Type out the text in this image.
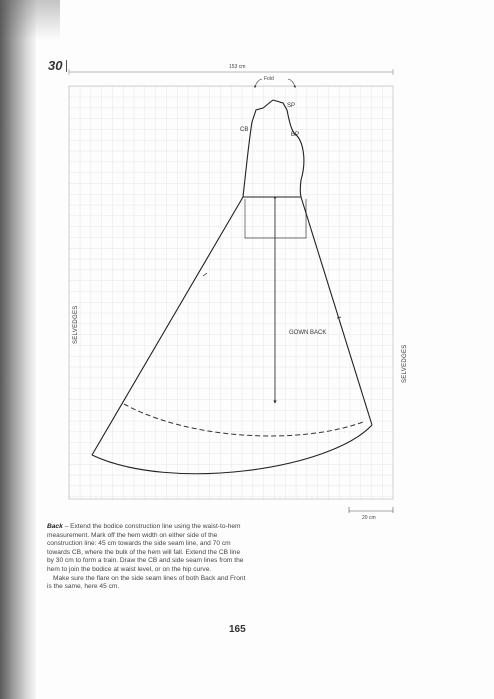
30	153 cm
Fold
SP
CB
BP
GOWN BACK
SELVEDGES
SELVEDGES
20 cm

Back – Extend the bodice construction line using the waist-to-hem measurement. Mark off the hem width on either side of the construction line: 45 cm towards the side seam line, and 70 cm towards CB, where the bulk of the hem will fall. Extend the CB line by 30 cm to form a train. Draw the CB and side seam lines from the hem to join the bodice at waist level, or on the hip curve.

Make sure the flare on the side seam lines of both Back and Front is the same, here 45 cm.

165
